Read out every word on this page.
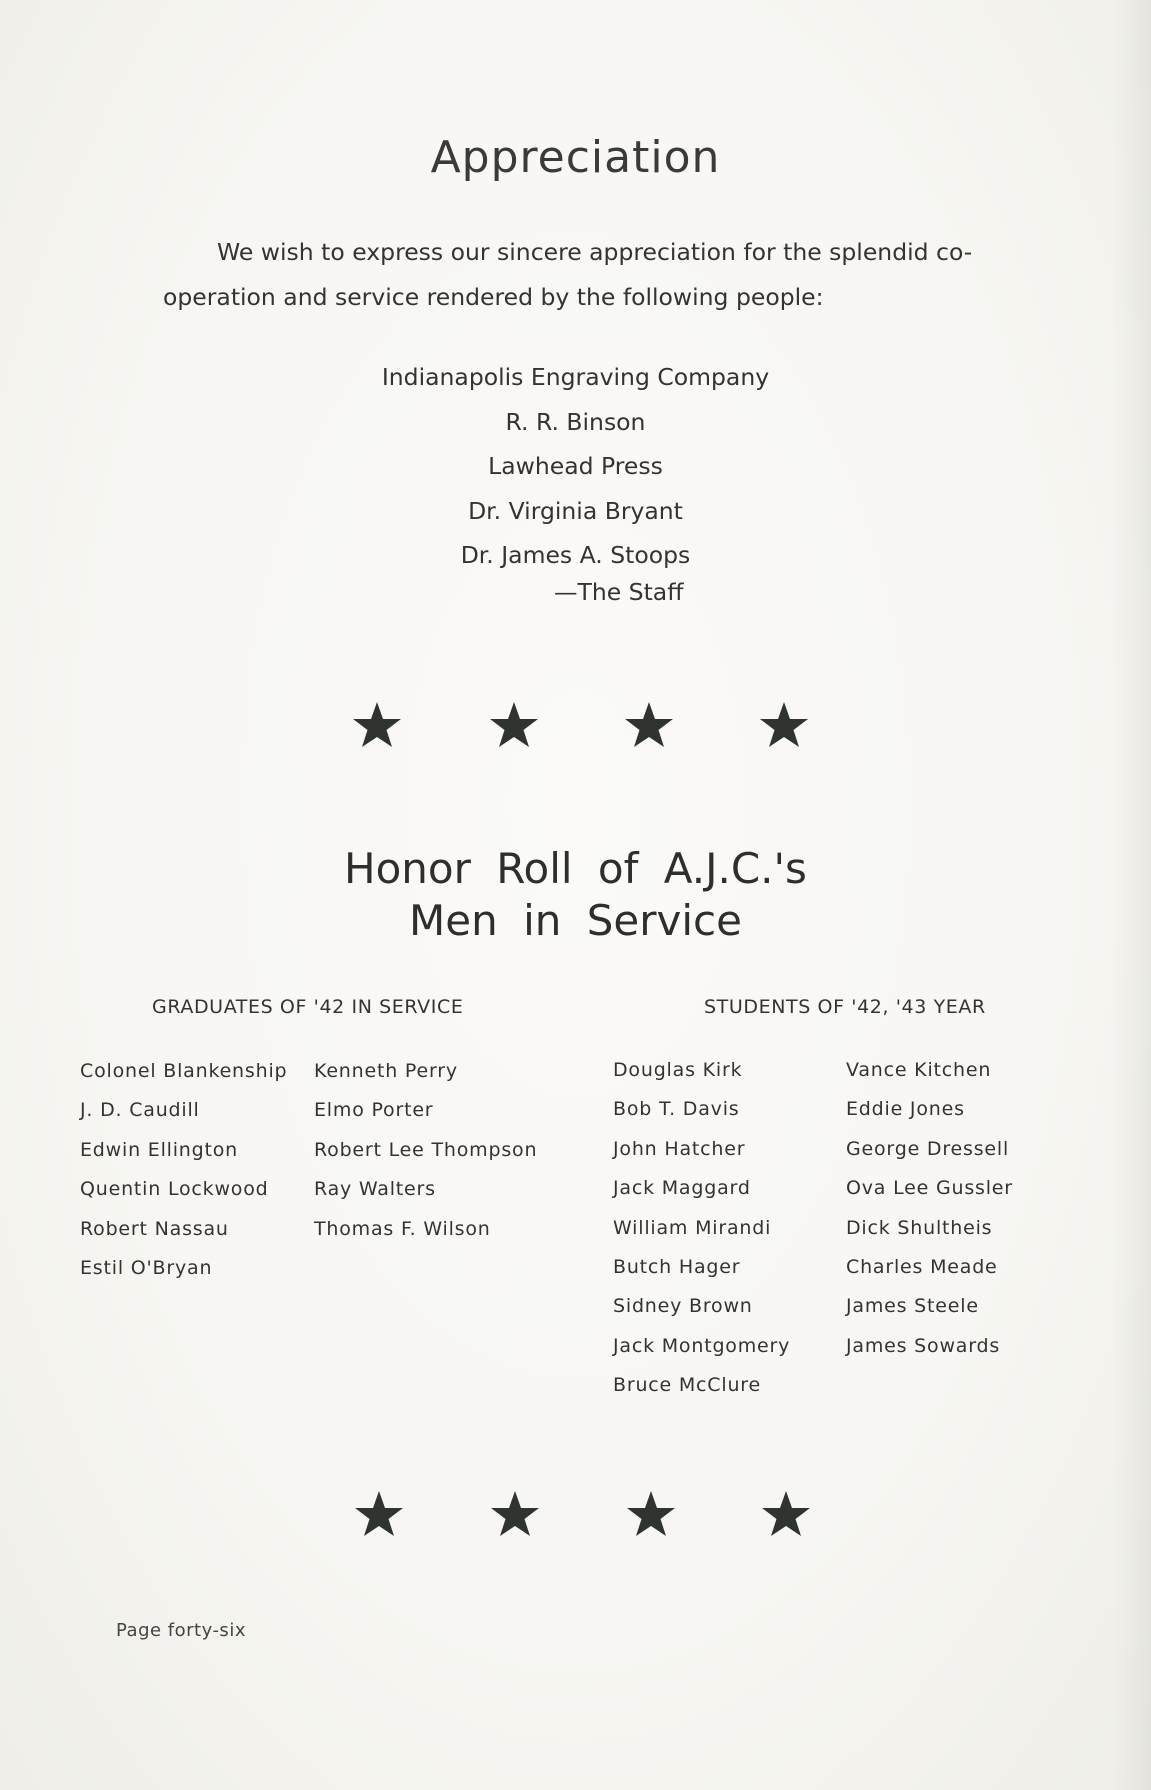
Appreciation
We wish to express our sincere appreciation for the splendid co-
operation and service rendered by the following people:
Indianapolis Engraving Company
R. R. Binson
Lawhead Press
Dr. Virginia Bryant
Dr. James A. Stoops
—The Staff
Honor Roll of A.J.C.'s
Men in Service
GRADUATES OF '42 IN SERVICE	STUDENTS OF '42, '43 YEAR
Colonel Blankenship
J. D. Caudill
Edwin Ellington
Quentin Lockwood
Robert Nassau
Estil O'Bryan
Kenneth Perry
Elmo Porter
Robert Lee Thompson
Ray Walters
Thomas F. Wilson
Douglas Kirk
Bob T. Davis
John Hatcher
Jack Maggard
William Mirandi
Butch Hager
Sidney Brown
Jack Montgomery
Bruce McClure
Vance Kitchen
Eddie Jones
George Dressell
Ova Lee Gussler
Dick Shultheis
Charles Meade
James Steele
James Sowards
Page forty-six
